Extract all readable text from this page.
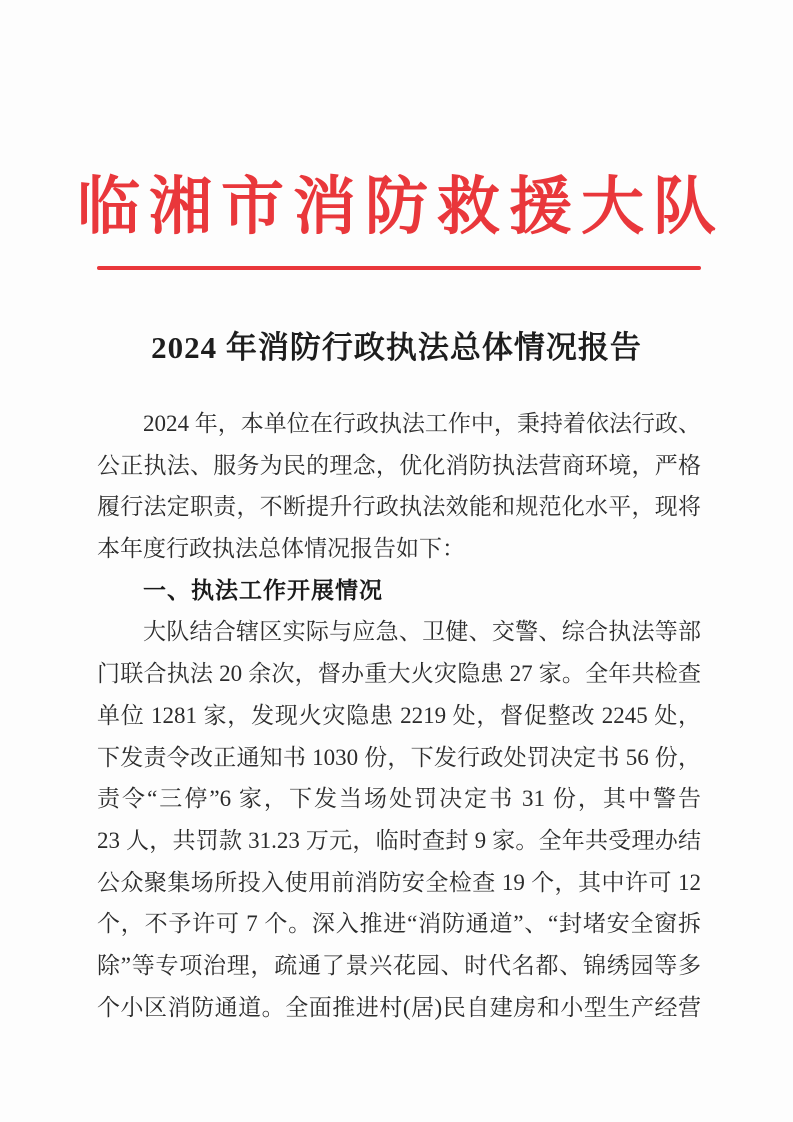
临湘市消防救援大队
2024 年消防行政执法总体情况报告
2024 年，本单位在行政执法工作中，秉持着依法行政、
公正执法、服务为民的理念，优化消防执法营商环境，严格
履行法定职责，不断提升行政执法效能和规范化水平，现将
本年度行政执法总体情况报告如下：
一、执法工作开展情况
大队结合辖区实际与应急、卫健、交警、综合执法等部
门联合执法 20 余次，督办重大火灾隐患 27 家。全年共检查
单位 1281 家，发现火灾隐患 2219 处，督促整改 2245 处，
下发责令改正通知书 1030 份，下发行政处罚决定书 56 份，
责令“三停”6 家，下发当场处罚决定书 31 份，其中警告
23 人，共罚款 31.23 万元，临时查封 9 家。全年共受理办结
公众聚集场所投入使用前消防安全检查 19 个，其中许可 12
个，不予许可 7 个。深入推进“消防通道”、“封堵安全窗拆
除”等专项治理，疏通了景兴花园、时代名都、锦绣园等多
个小区消防通道。全面推进村(居)民自建房和小型生产经营
